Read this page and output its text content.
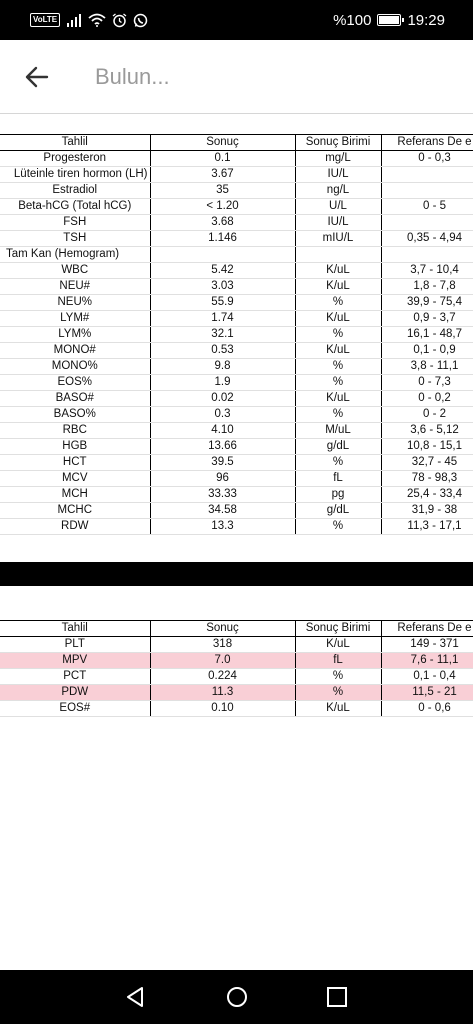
VoLTE	%100 19:29
Bulun...
Tahlil	Sonuç	Sonuç Birimi	Referans De e
Progesteron	0.1	mg/L	0 - 0,3
Lüteinle tiren hormon (LH)	3.67	IU/L	
Estradiol	35	ng/L	
Beta-hCG (Total hCG)	< 1.20	U/L	0 - 5
FSH	3.68	IU/L	
TSH	1.146	mIU/L	0,35 - 4,94
Tam Kan (Hemogram)			
WBC	5.42	K/uL	3,7 - 10,4
NEU#	3.03	K/uL	1,8 - 7,8
NEU%	55.9	%	39,9 - 75,4
LYM#	1.74	K/uL	0,9 - 3,7
LYM%	32.1	%	16,1 - 48,7
MONO#	0.53	K/uL	0,1 - 0,9
MONO%	9.8	%	3,8 - 11,1
EOS%	1.9	%	0 - 7,3
BASO#	0.02	K/uL	0 - 0,2
BASO%	0.3	%	0 - 2
RBC	4.10	M/uL	3,6 - 5,12
HGB	13.66	g/dL	10,8 - 15,1
HCT	39.5	%	32,7 - 45
MCV	96	fL	78 - 98,3
MCH	33.33	pg	25,4 - 33,4
MCHC	34.58	g/dL	31,9 - 38
RDW	13.3	%	11,3 - 17,1
Tahlil	Sonuç	Sonuç Birimi	Referans De e
PLT	318	K/uL	149 - 371
MPV	7.0	fL	7,6 - 11,1
PCT	0.224	%	0,1 - 0,4
PDW	11.3	%	11,5 - 21
EOS#	0.10	K/uL	0 - 0,6
